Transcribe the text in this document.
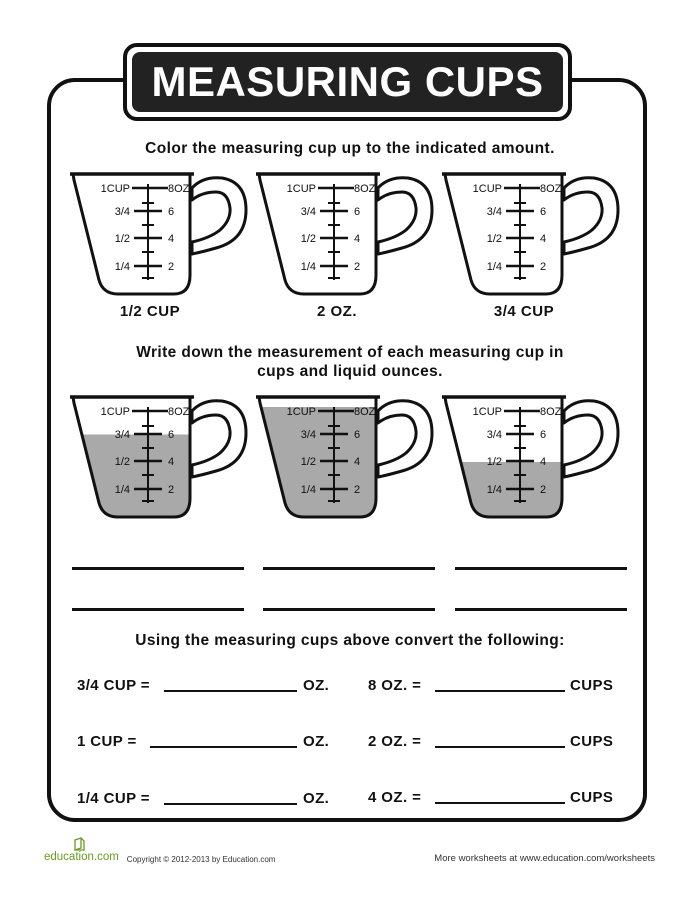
MEASURING CUPS
Color the measuring cup up to the indicated amount.
1CUP	8OZ
3/4	6
1/2	4
1/4	2
1CUP	8OZ
3/4	6
1/2	4
1/4	2
1CUP	8OZ
3/4	6
1/2	4
1/4	2
1/2 CUP	2 OZ.	3/4 CUP
Write down the measurement of each measuring cup in
cups and liquid ounces.
1CUP	8OZ
3/4	6
1/2	4
1/4	2
1CUP	8OZ
3/4	6
1/2	4
1/4	2
1CUP	8OZ
3/4	6
1/2	4
1/4	2
Using the measuring cups above convert the following:
3/4 CUP =	OZ.	8 OZ. =	CUPS
1 CUP =	OZ.	2 OZ. =	CUPS
1/4 CUP =	OZ.	4 OZ. =	CUPS
education.com Copyright © 2012-2013 by Education.com	More worksheets at www.education.com/worksheets
